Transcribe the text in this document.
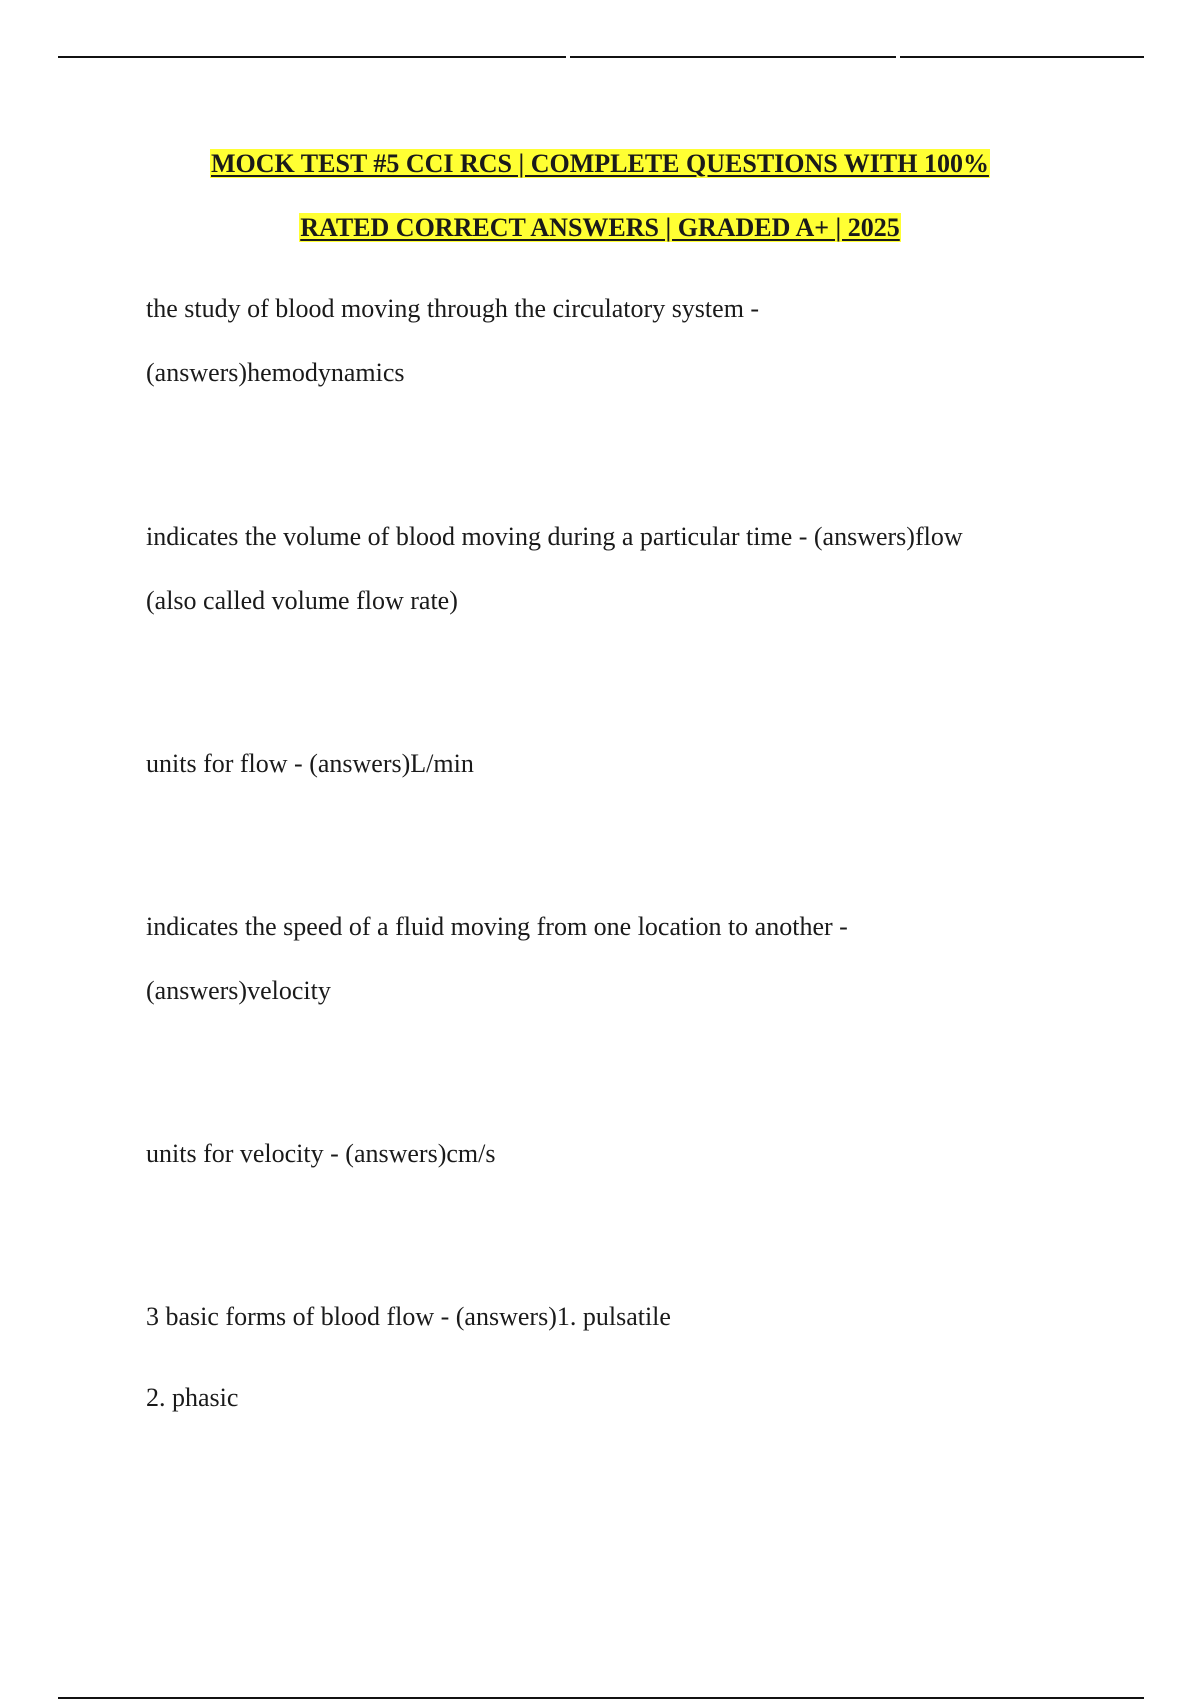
MOCK TEST #5 CCI RCS | COMPLETE QUESTIONS WITH 100%
RATED CORRECT ANSWERS | GRADED A+ | 2025
the study of blood moving through the circulatory system -
(answers)hemodynamics
indicates the volume of blood moving during a particular time - (answers)flow
(also called volume flow rate)
units for flow - (answers)L/min
indicates the speed of a fluid moving from one location to another -
(answers)velocity
units for velocity - (answers)cm/s
3 basic forms of blood flow - (answers)1. pulsatile
2. phasic
